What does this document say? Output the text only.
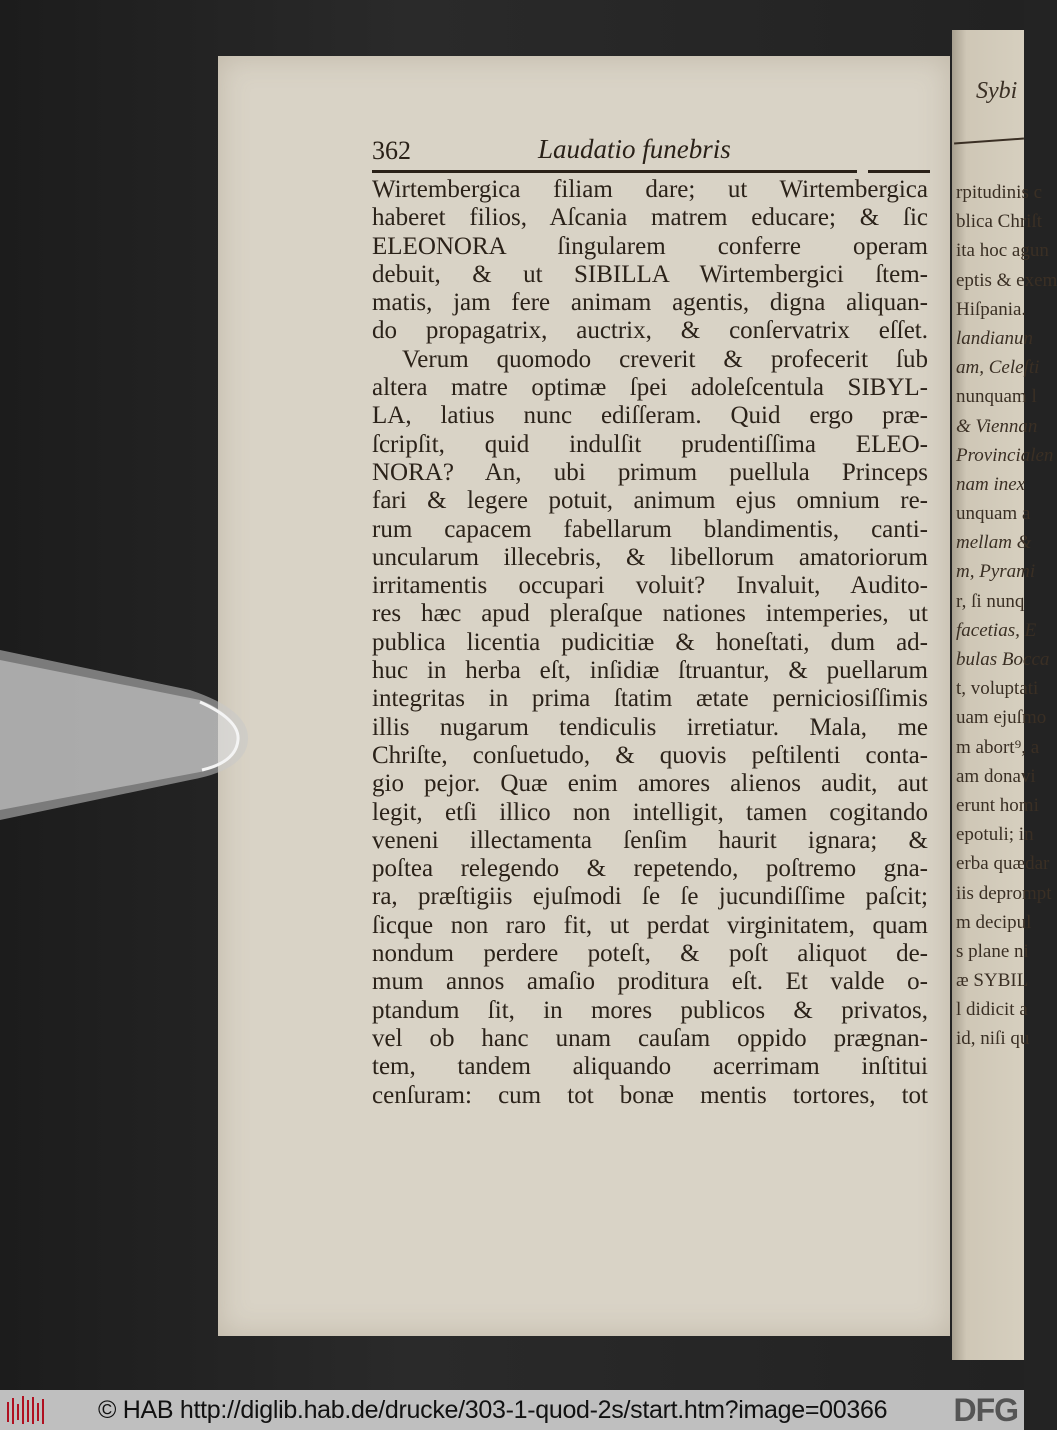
Sybi
rpitudinis c
blica Chriſt
ita hoc agun
eptis & exem
Hiſpania.
landianun
am, Celeſti
nunquam l
& Viennan
Provincialen
nam inex
unquam a
mellam &
m, Pyrami
r, ſi nunq
facetias, E
bulas Bocca
t, voluptati
uam ejuſmo
m abort⁹, a
am donavi
erunt homi
epotuli; in
erba quædar
iis deprompt
m decipul
s plane ni
æ SYBIL
l didicit a
id, niſi qu
362	Laudatio funebris
Wirtembergica filiam dare; ut Wirtembergica
haberet filios, Aſcania matrem educare; & ſic
ELEONORA ſingularem conferre operam
debuit, & ut SIBILLA Wirtembergici ſtem-
matis, jam fere animam agentis, digna aliquan-
do propagatrix, auctrix, & conſervatrix eſſet.
Verum quomodo creverit & profecerit ſub
altera matre optimæ ſpei adoleſcentula SIBYL-
LA, latius nunc ediſſeram. Quid ergo præ-
ſcripſit, quid indulſit prudentiſſima ELEO-
NORA? An, ubi primum puellula Princeps
fari & legere potuit, animum ejus omnium re-
rum capacem fabellarum blandimentis, canti-
uncularum illecebris, & libellorum amatoriorum
irritamentis occupari voluit? Invaluit, Audito-
res hæc apud pleraſque nationes intemperies, ut
publica licentia pudicitiæ & honeſtati, dum ad-
huc in herba eſt, inſidiæ ſtruantur, & puellarum
integritas in prima ſtatim ætate perniciosiſſimis
illis nugarum tendiculis irretiatur. Mala, me
Chriſte, conſuetudo, & quovis peſtilenti conta-
gio pejor. Quæ enim amores alienos audit, aut
legit, etſi illico non intelligit, tamen cogitando
veneni illectamenta ſenſim haurit ignara; &
poſtea relegendo & repetendo, poſtremo gna-
ra, præſtigiis ejuſmodi ſe ſe jucundiſſime paſcit;
ſicque non raro fit, ut perdat virginitatem, quam
nondum perdere poteſt, & poſt aliquot de-
mum annos amaſio proditura eſt. Et valde o-
ptandum ſit, in mores publicos & privatos,
vel ob hanc unam cauſam oppido prægnan-
tem, tandem aliquando acerrimam inſtitui
cenſuram: cum tot bonæ mentis tortores, tot
© HAB http://diglib.hab.de/drucke/303-1-quod-2s/start.htm?image=00366 DFG
